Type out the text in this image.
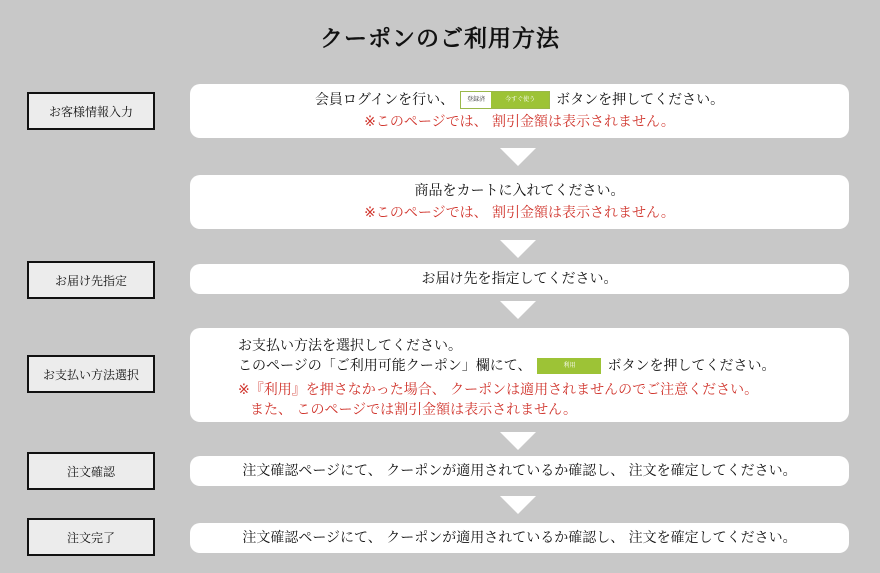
クーポンのご利用方法
お客様情報入力
お届け先指定
お支払い方法選択
注文確認
注文完了
会員ログインを行い、	登録済	今すぐ使う	ボタンを押してください。
※このページでは、 割引金額は表示されません。
商品をカートに入れてください。
※このページでは、 割引金額は表示されません。
お届け先を指定してください。
お支払い方法を選択してください。
このページの「ご利用可能クーポン」欄にて、	利用 ボタンを押してください。
※『利用』を押さなかった場合、 クーポンは適用されませんのでご注意ください。
また、 このページでは割引金額は表示されません。
注文確認ページにて、 クーポンが適用されているか確認し、 注文を確定してください。
注文確認ページにて、 クーポンが適用されているか確認し、 注文を確定してください。
